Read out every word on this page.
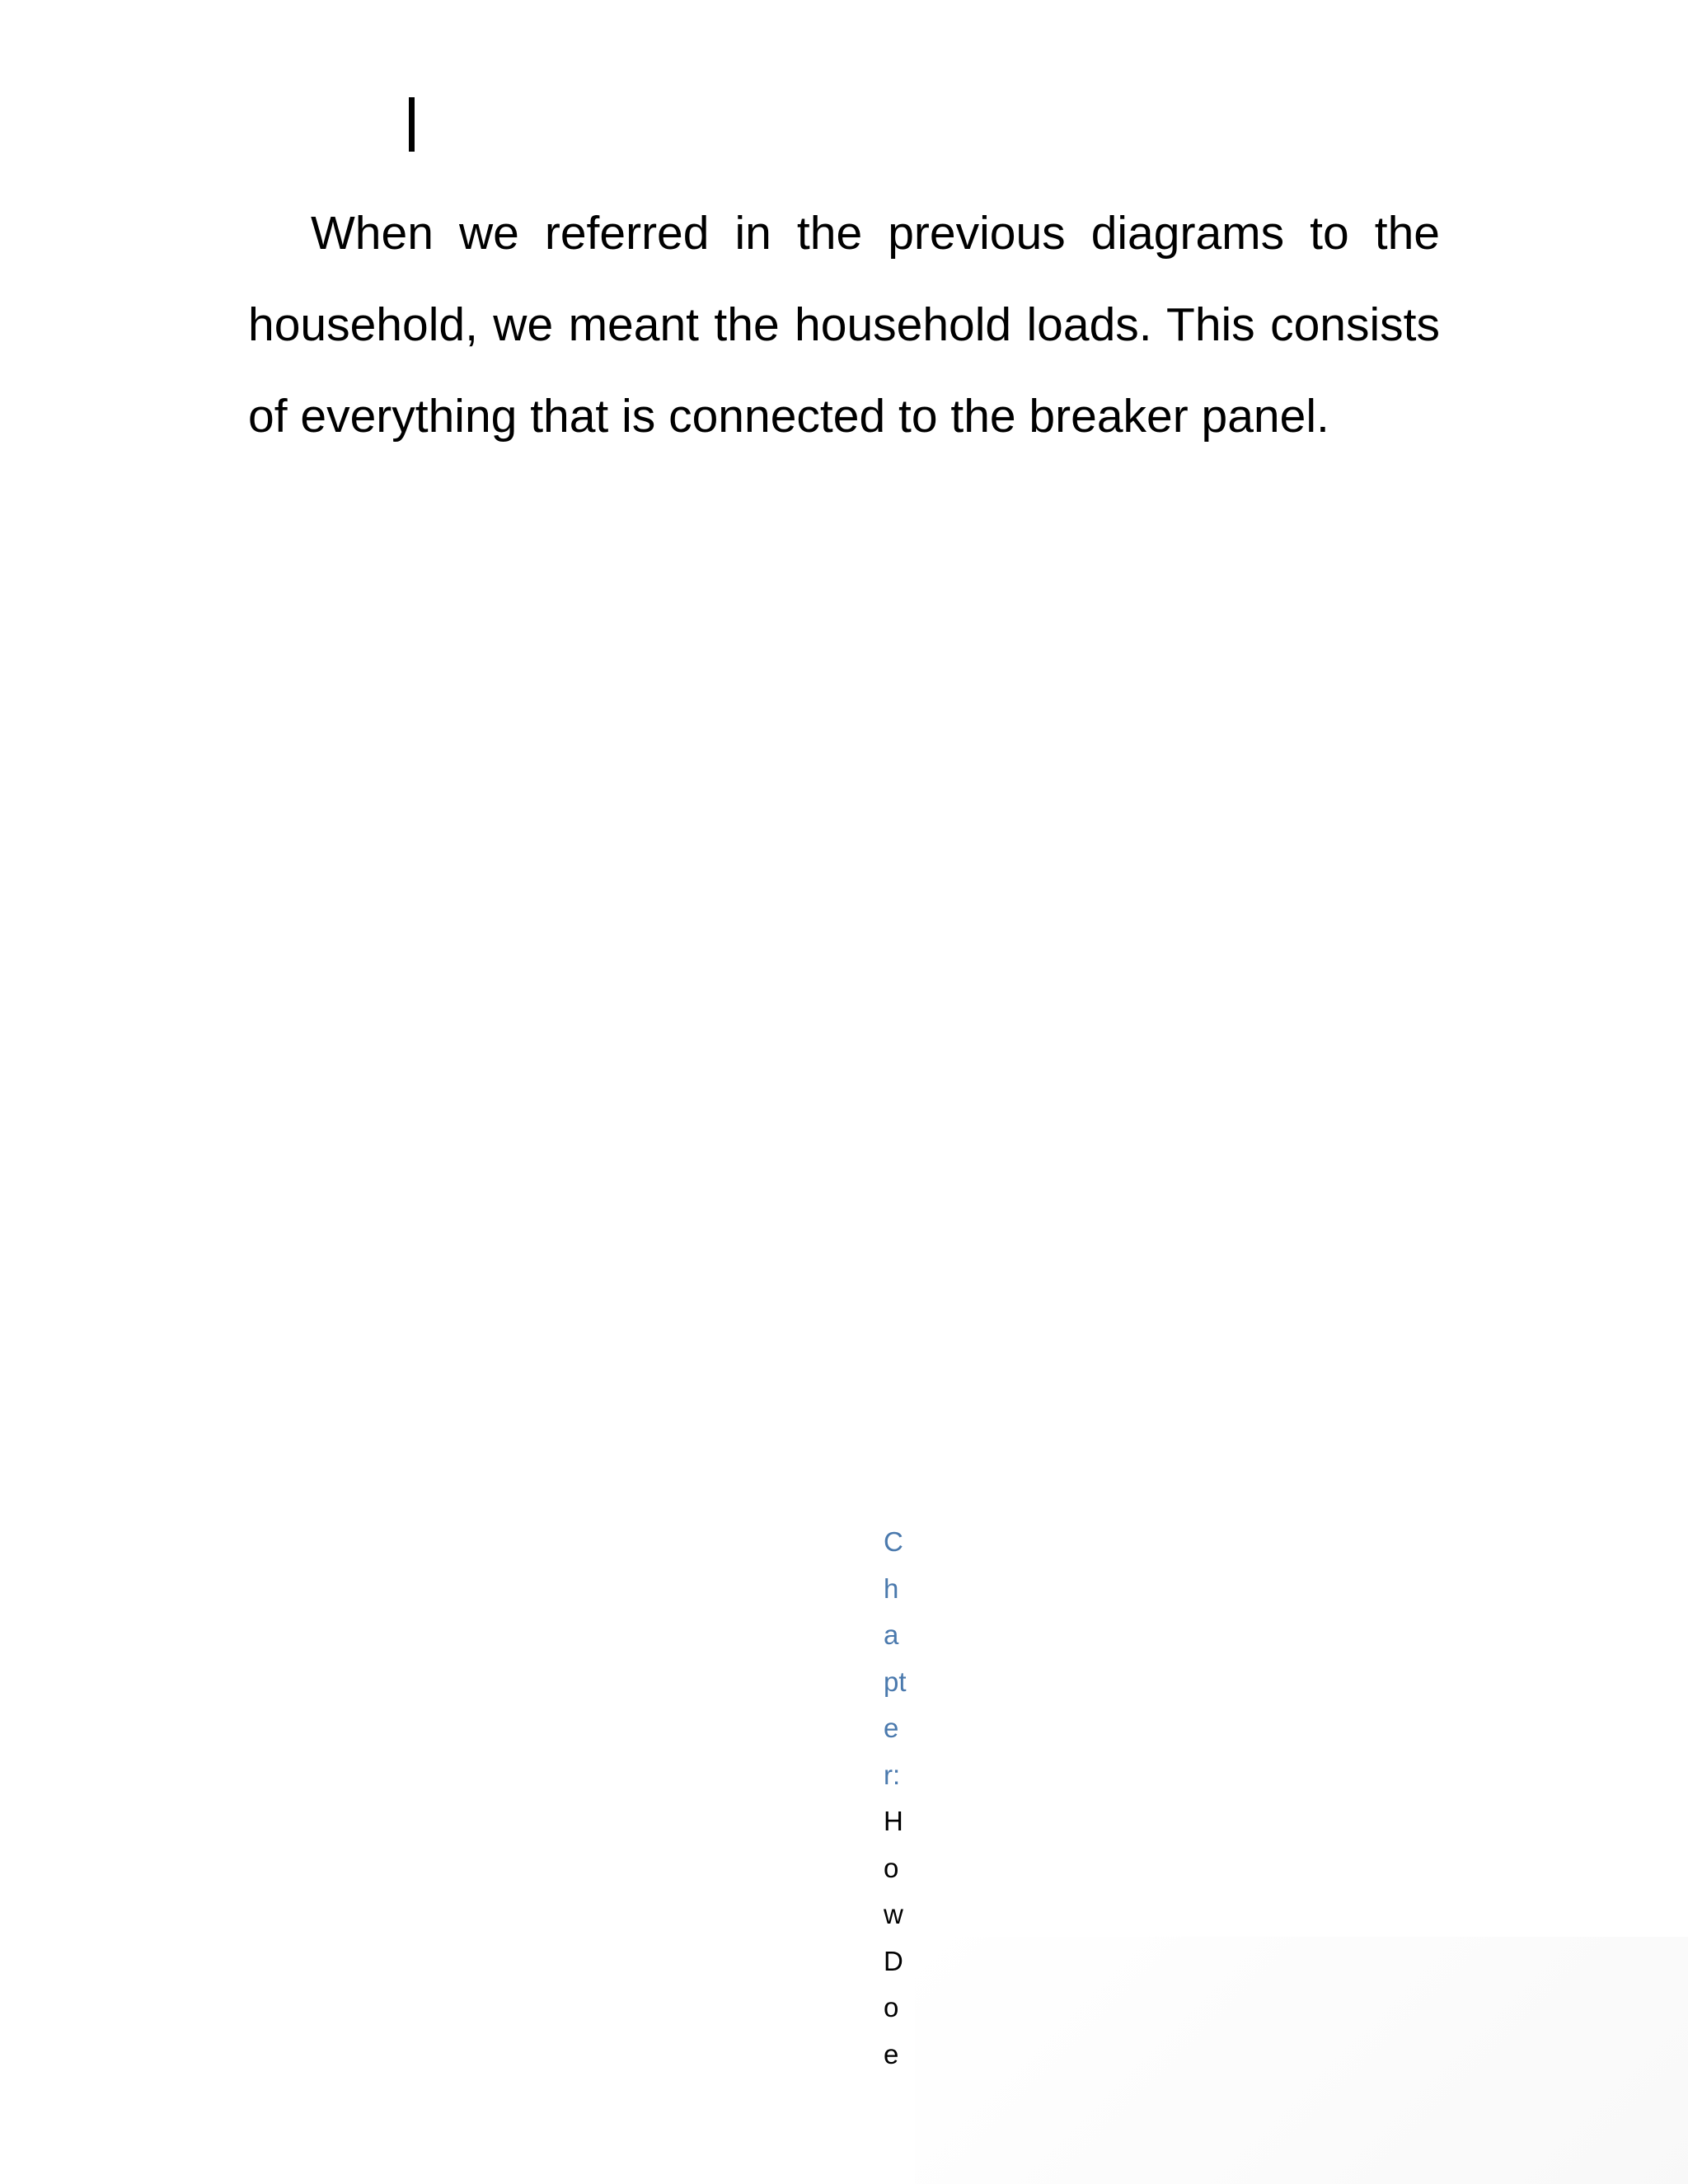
When we referred in the previous diagrams to the household, we meant the household loads. This consists of everything that is connected to the breaker panel.

C
h
a
pt
e
r:
H
o
w
D
o
e
